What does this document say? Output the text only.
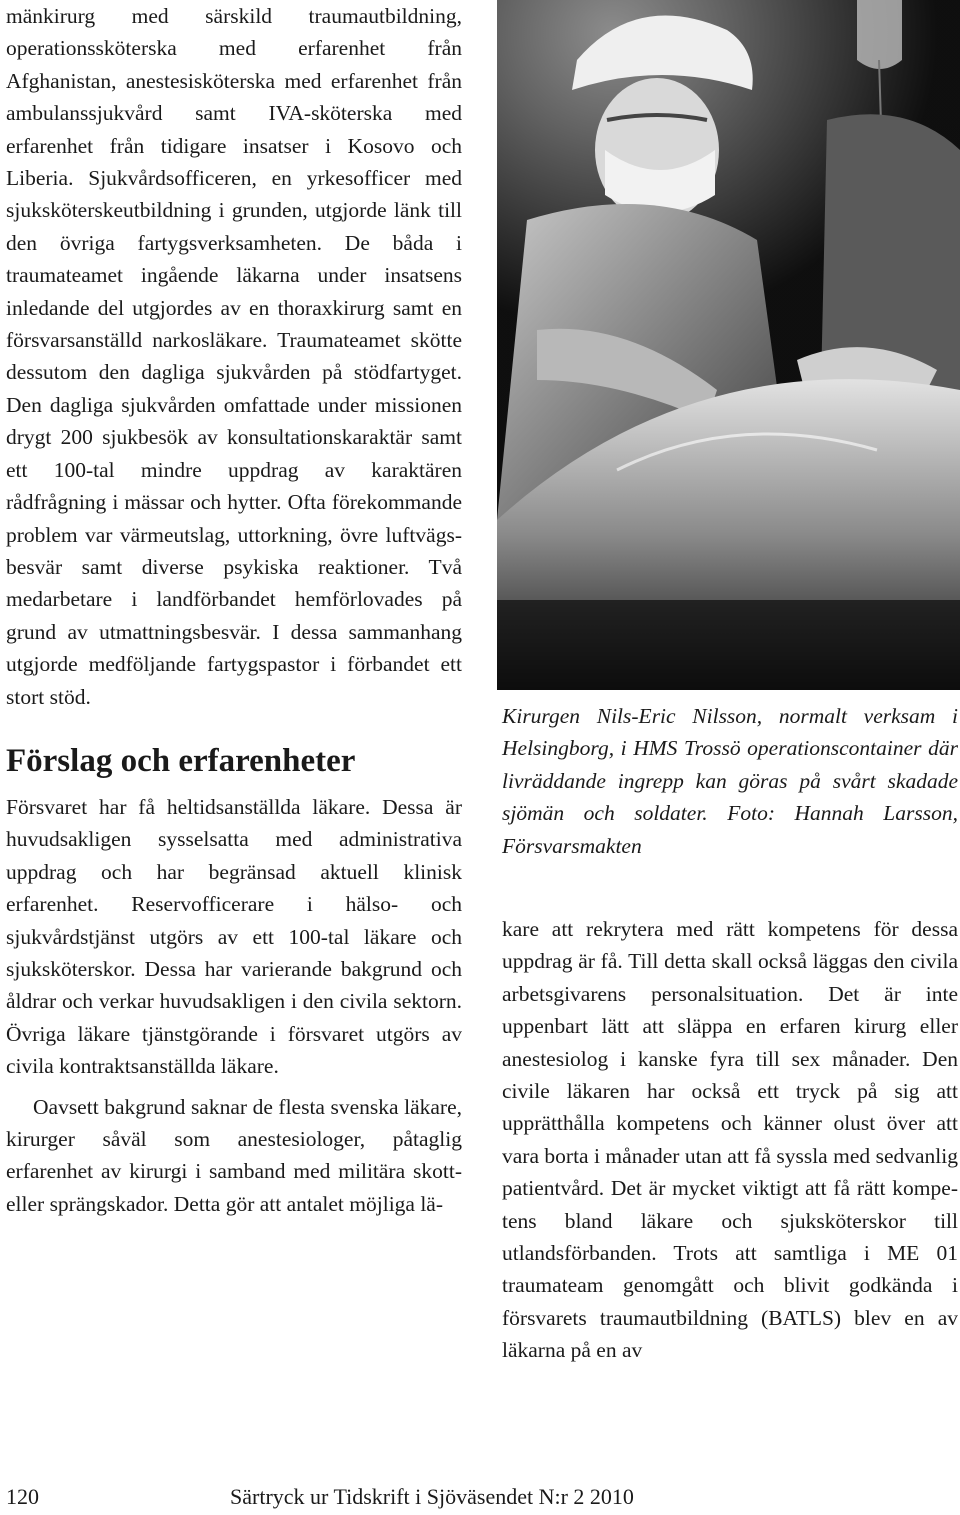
mänkirurg med särskild traumautbildning, operationssköterska med erfarenhet från Afghanistan, anestesisköterska med erfarenhet från ambulanssjukvård samt IVA-sköterska med erfarenhet från tidigare insatser i Kosovo och Liberia. Sjukvårdsofficeren, en yrkesofficer med sjuksköterskeutbildning i grunden, utgjorde länk till den övriga fartygsverksamheten. De båda i traumateamet ingående läkarna under insatsens inledande del utgjordes av en thoraxkirurg samt en försvarsanställd narkosläkare. Traumateamet skötte dessutom den dagliga sjukvården på stödfartyget. Den dagliga sjukvården omfattade under missionen drygt 200 sjukbesök av konsultationskaraktär samt ett 100-tal mindre uppdrag av karaktären rådfrågning i mässar och hytter. Ofta förekommande problem var värmeutslag, uttorkning, övre luftvägsbesvär samt diverse psykiska reaktioner. Två medarbetare i landförbandet hemförlovades på grund av utmattningsbesvär. I dessa sammanhang utgjorde medföljande fartygspastor i förbandet ett stort stöd.

Förslag och erfarenheter

Försvaret har få heltidsanställda läkare. Dessa är huvudsakligen sysselsatta med administrativa uppdrag och har begränsad aktuell klinisk erfarenhet. Reservofficerare i hälso- och sjukvårdstjänst utgörs av ett 100-tal läkare och sjuksköterskor. Dessa har varierande bakgrund och åldrar och verkar huvudsakligen i den civila sektorn. Övriga läkare tjänstgörande i försvaret utgörs av civila kontraktsanställda läkare.

Oavsett bakgrund saknar de flesta svenska läkare, kirurger såväl som anestesiologer, påtaglig erfarenhet av kirurgi i samband med militära skott- eller sprängskador. Detta gör att antalet möjliga lä-

Kirurgen Nils-Eric Nilsson, normalt verksam i Helsingborg, i HMS Trossö operationscontainer där livräddande ingrepp kan göras på svårt skadade sjömän och soldater. Foto: Hannah Larsson, Försvarsmakten

kare att rekrytera med rätt kompetens för dessa uppdrag är få. Till detta skall också läggas den civila arbetsgivarens personalsituation. Det är inte uppenbart lätt att släppa en erfaren kirurg eller anestesiolog i kanske fyra till sex månader. Den civile läkaren har också ett tryck på sig att upprätthålla kompetens och känner olust över att vara borta i månader utan att få syssla med sedvanlig patientvård. Det är mycket viktigt att få rätt kompetens bland läkare och sjuksköterskor till utlandsförbanden. Trots att samtliga i ME 01 traumateam genomgått och blivit godkända i försvarets traumautbildning (BATLS) blev en av läkarna på en av

120	Särtryck ur Tidskrift i Sjöväsendet N:r 2 2010
